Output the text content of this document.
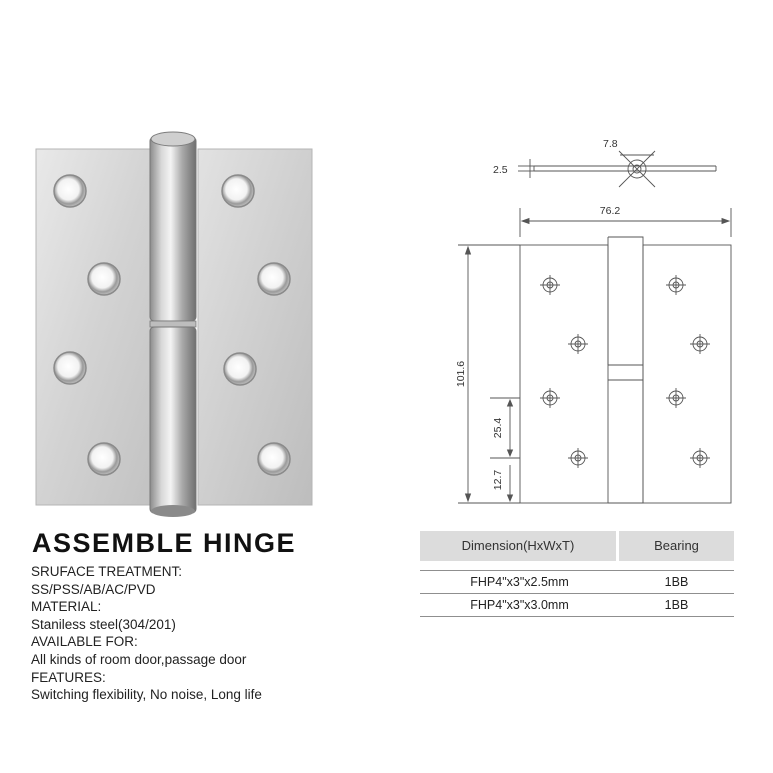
ASSEMBLE HINGE
SRUFACE TREATMENT:
SS/PSS/AB/AC/PVD
MATERIAL:
Staniless steel(304/201)
AVAILABLE FOR:
All kinds of room door,passage door
FEATURES:
Switching flexibility, No noise, Long life
2.5
7.8
76.2
101.6
25.4
12.7
Dimension(HxWxT)	Bearing
FHP4"x3"x2.5mm	1BB
FHP4"x3"x3.0mm	1BB
